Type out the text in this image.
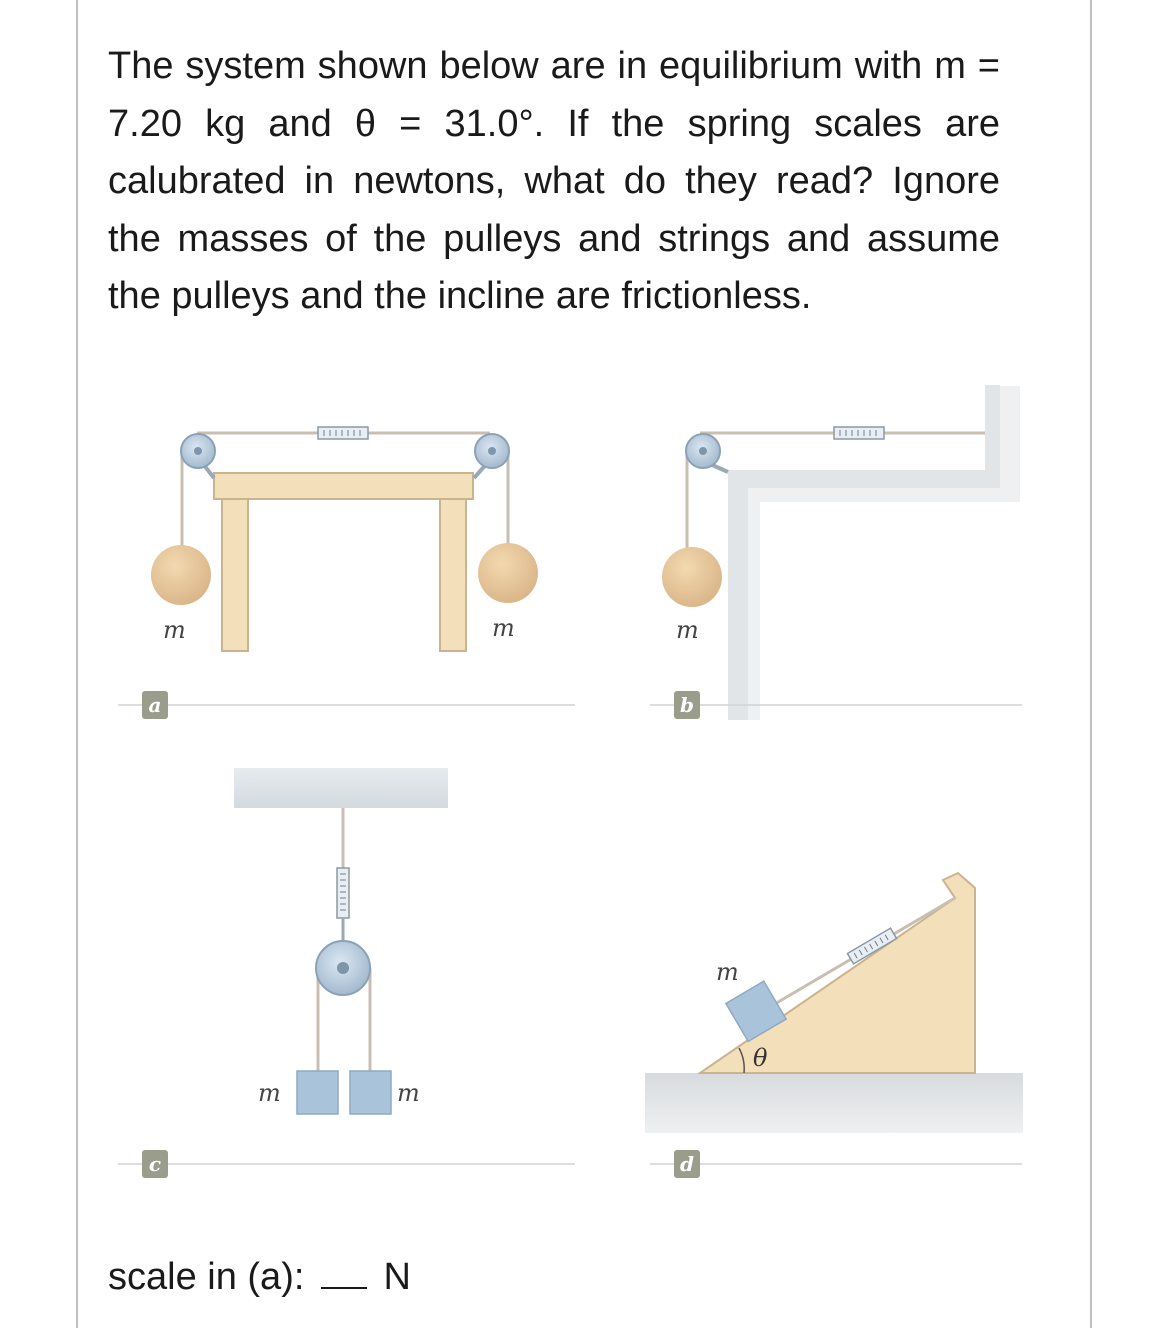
The system shown below are in equilibrium with m = 7.20 kg and θ = 31.0°. If the spring scales are calubrated in newtons, what do they read? Ignore the masses of the pulleys and strings and assume the pulleys and the incline are frictionless.

m	m
a
m
b
m	m
c
m
θ
d
scale in (a): N
